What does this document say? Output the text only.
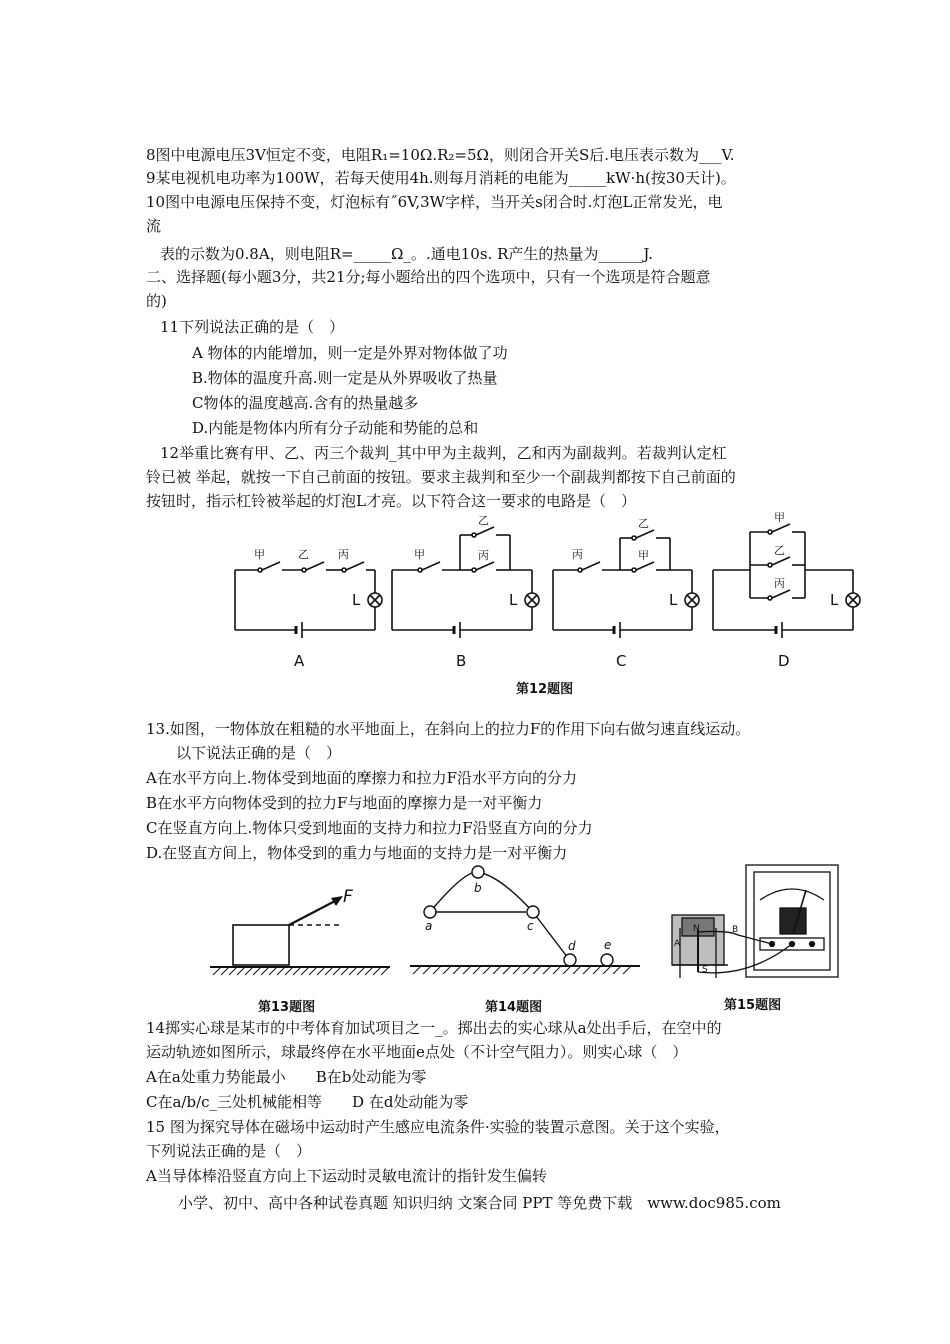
8图中电源电压3V恒定不变，电阻R₁=10Ω.R₂=5Ω，则闭合开关S后.电压表示数为___V.
9某电视机电功率为100W，若每天使用4h.则每月消耗的电能为_____kW·h(按30天计)。
10图中电源电压保持不变，灯泡标有˝6V,3W字样，当开关s闭合时.灯泡L正常发光，电
流
表的示数为0.8A，则电阻R=_____Ω_。.通电10s. R产生的热量为______J.
二、选择题(每小题3分，共21分;每小题给出的四个选项中，只有一个选项是符合题意
的)
11下列说法正确的是（　）
A 物体的内能增加，则一定是外界对物体做了功
B.物体的温度升高.则一定是从外界吸收了热量
C物体的温度越高.含有的热量越多
D.内能是物体内所有分子动能和势能的总和
12举重比赛有甲、乙、丙三个裁判_其中甲为主裁判，乙和丙为副裁判。若裁判认定杠
铃已被 举起，就按一下自己前面的按钮。要求主裁判和至少一个副裁判都按下自己前面的
按钮时，指示杠铃被举起的灯泡L才亮。以下符合这一要求的电路是（　）
甲	乙	丙	甲
乙
丙	丙
乙
甲
甲
乙
丙
L	L	L	L
A	B	C	D
第12题图
13.如图，一物体放在粗糙的水平地面上，在斜向上的拉力F的作用下向右做匀速直线运动。
以下说法正确的是（　）
A在水平方向上.物体受到地面的摩擦力和拉力F沿水平方向的分力
B在水平方向物体受到的拉力F与地面的摩擦力是一对平衡力
C在竖直方向上.物体只受到地面的支持力和拉力F沿竖直方向的分力
D.在竖直方间上，物体受到的重力与地面的支持力是一对平衡力
F
第13题图
a
b
c
d e
第14题图
N
A
B
S
第15题图
14掷实心球是某市的中考体育加试项目之一_。掷出去的实心球从a处出手后，在空中的
运动轨迹如图所示，球最终停在水平地面e点处（不计空气阻力）。则实心球（　）
A在a处重力势能最小　　B在b处动能为零
C在a/b/c_三处机械能相等　　D 在d处动能为零
15 图为探究导体在磁场中运动时产生感应电流条件·实验的装置示意图。关于这个实验，
下列说法正确的是（　）
A当导体棒沿竖直方向上下运动时灵敏电流计的指针发生偏转
小学、初中、高中各种试卷真题 知识归纳 文案合同 PPT 等免费下载　www.doc985.com
